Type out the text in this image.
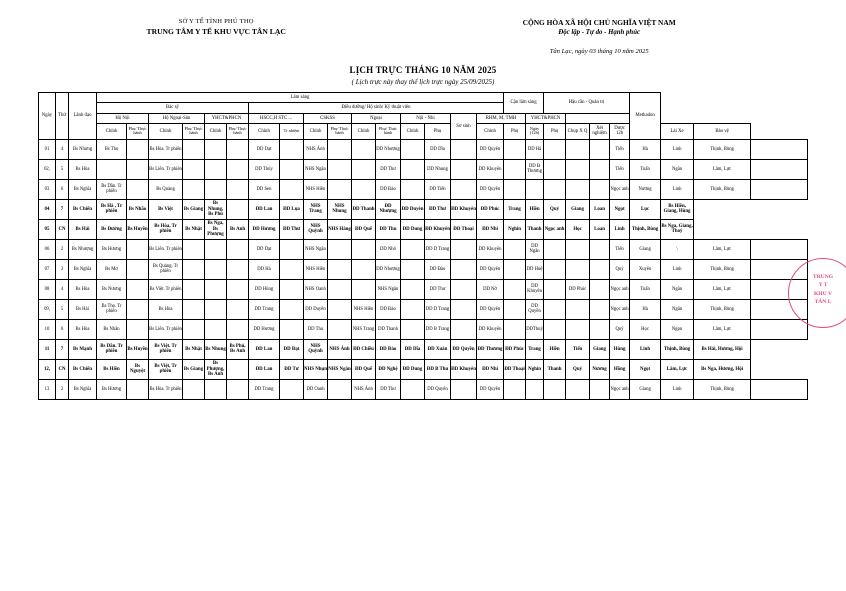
SỞ Y TẾ TỈNH PHÚ THỌ
TRUNG TÂM Y TẾ KHU VỰC TÂN LẠC
CỘNG HÒA XÃ HỘI CHỦ NGHĨA VIỆT NAM
Độc lập - Tự do - Hạnh phúc
Tân Lạc, ngày 03 tháng 10 năm 2025
LỊCH TRỰC THÁNG 10 NĂM 2025
( Lịch trực này thay thế lịch trực ngày 25/09/2025)
Ngày	Thứ	Lãnh đạo	Lâm sàng																Cận lâm sàng		Hậu cần - Quản trị				Methadon			
			Bác sỹ						Điều dưỡng/ Hộ sinh/ Kỹ thuật viên																			
			Hộ Nội		Hộ Ngoại-Sản		YHCT&PHCN		HSCC,H STC ...		CSKSS		Ngoại		Nội - Nhi		Sơ sinh	RHM, M, TMH		YHCT&PHCN								
			Chính	Phụ/ Thực hành	Chính	Phụ/ Thực hành	Chính	Phụ/ Thực hành	Chính	Tr nhiệm	Chính	Phụ/ Thực hành	Chính	Phụ/ Thực hành	Chính	Phụ		Chính	Phụ	Ngày (12h)	Phụ	Chụp X Q	Xét nghiệm	Dược 12h		Lái Xe	Bảo vệ	
01	4	Bs Nhưng	Bs Thọ		Bs Hòa. Tr phiên				DD Dạt		NHS Ánh			DD Nhượng		DD Dĩa		DD Quyên		DD Hà				Tiến	Hà	Linh	Thịnh, Bùng	
02,	5	Bs Hòa			Bs Liên. Tr phiên				DD Thúy		NHS Ngân			DD Thư		DD Nhung		DD Khuyên		DD Đ Thương				Tiến	Tuấn	Ngân	Lâm, Lực	
03	6	Bs Nghĩa	Bs Dần. Tr phiên		Bs Quảng				DD Sen		NHS Hiền			DD Đào		DD Tiến		DD Quyền						Ngọc anh	Nương	Linh	Thịnh, Bùng	
04	7	Bs Chiến	Bs Hà , Tr phiên	Bs Nhão	Bs Việt	Bs Giang	Bs Nhung, Bs Phú		ĐD Lan	ĐD Lụa	NHS Trang	NHS Nhung	ĐD Thanh	ĐD Nhượng	ĐD Duyên	ĐD Thư	ĐD Khuyên	ĐD Phúc	Trang	Hiền	Quý	Giang	Loan	Ngọt	Lục	Bs Hiền, Giang, Hùng		
05	CN	Bs Hải	Bs Đường	Bs Huyền	Bs Hòa, Tr phiên	Bs Nhật	Bs Nga, Bs Phượng	Bs Anh	ĐD Hương	ĐD Thư	NHS Quỳnh	NHS Hằng	ĐD Quế	ĐD Thu	ĐD Dung	ĐD Khuyên	ĐD Thoại	ĐD Nhi	Nghin	Thanh	Ngọc anh	Học	Loan	Linh	Thịnh, Bùng	Bs Nga, Giang, Thoỷ		
06	2	Bs Nhượng	Bs Hương		Bs Liên. Tr phiên				DD Dạt		NHS Ngân			DD Nhỏ		DD D Trang		DD Khuyên		DD Ngân				Tiến	Giang	\	Lâm, Lực	
07	3	Bs Nghĩa	Bs Mơ		Bs Quảng. Tr phiên				DD Hà		NHS Hiền			DD Nhượng		DD Đào		DD Quyên		DD Huệ				Quý	Xuyên	Linh	Thịnh, Bùng	
08	4	Bs Hòa	Bs Nương		Bs Việt. Tr phiên				DD Hùng		NHS Oanh			NHS Ngân		DD Thư		DD Nở		DD Khuyên		DD Phúc		Ngọc anh	Tuấn	Ngân	Lâm, Lực	
09,	5	Bs Hải	Bs Thọ. Tr phiên		Bs Hòa				DD Trang		DD Duyên		NHS Hiền	DD Đào		DD D Trang		DD Quyên		DD Quyền				Ngọc anh	Hà	Ngân	Thịnh, Bùng	
10	6	Bs Hòa	Bs Nhân		Bs Liên. Tr phiên				DD Hương		DD Thu		NHS Trang	DD Thanh		DD B Trang		DD Khuyên		DDThuỷ				Quý	Học	Ngọn	Lâm, Lực	
11	7	Bs Mạnh	Bs Dần. Tr phiên	Bs Huyền	Bs Việt. Tr phiên	Bs Nhật	Bs Nhung	Bs Phú, Bs Anh	ĐD Lan	ĐD Đạt	NHS Quỳnh	NHS Ánh	ĐD Chiều	ĐD Đào	ĐD Dĩa	ĐD Xuân	ĐD Quyền	ĐD Thương	ĐD Phúc	Trang	Hiền	Tiến	Giang	Hùng	Linh	Thịnh, Bùng	Bs Hải, Hương, Hội	
12,	CN	Bs Chiến	Bs Hiền	Bs Nguyệt	Bs Việt, Tr phiên	Bs Giang	Bs Phượng, Bs Anh		ĐD Lan	ĐD Tư	NHS Nhụn	NHS Ngân	ĐD Quế	ĐD Nghệ	ĐD Dung	ĐD B Thu	ĐD Khuyên	ĐD Nhi	ĐD Thoại	Nghin	Thanh	Quý	Nương	Hồng	Ngọt	Lâm, Lực	Bs Nga, Hương, Hội	
13	2	Bs Nghĩa	Bs Hương		Bs Hòa. Tr phiên				DD Trang		DD Oanh		NHS Ánh	DD Thư		DD Quyên		DD Quyền						Ngọc anh	Giang	Linh	Thịnh, Bùng	
TRUNG
Y T
KHU V
TÂN L
